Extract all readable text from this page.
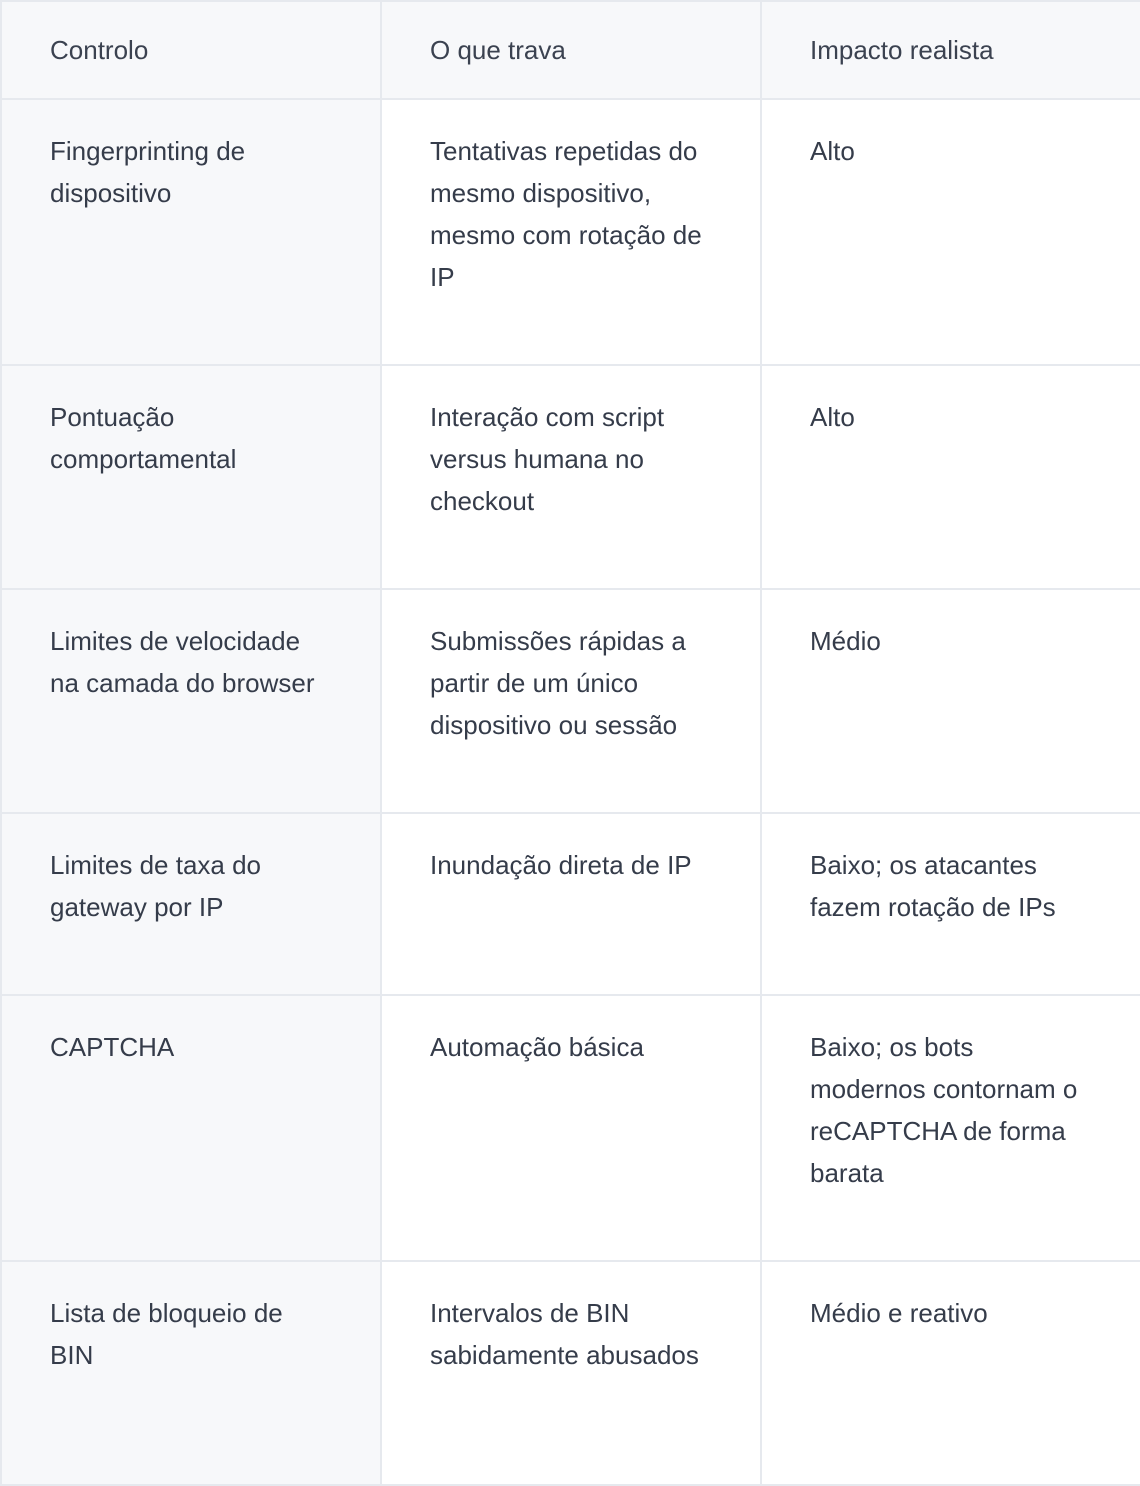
Controlo	O que trava	Impacto realista
Fingerprinting de dispositivo	Tentativas repetidas do mesmo dispositivo, mesmo com rotação de IP	Alto
Pontuação comportamental	Interação com script versus humana no checkout	Alto
Limites de velocidade na camada do browser	Submissões rápidas a partir de um único dispositivo ou sessão	Médio
Limites de taxa do gateway por IP	Inundação direta de IP	Baixo; os atacantes fazem rotação de IPs
CAPTCHA	Automação básica	Baixo; os bots modernos contornam o reCAPTCHA de forma barata
Lista de bloqueio de BIN	Intervalos de BIN sabidamente abusados	Médio e reativo
